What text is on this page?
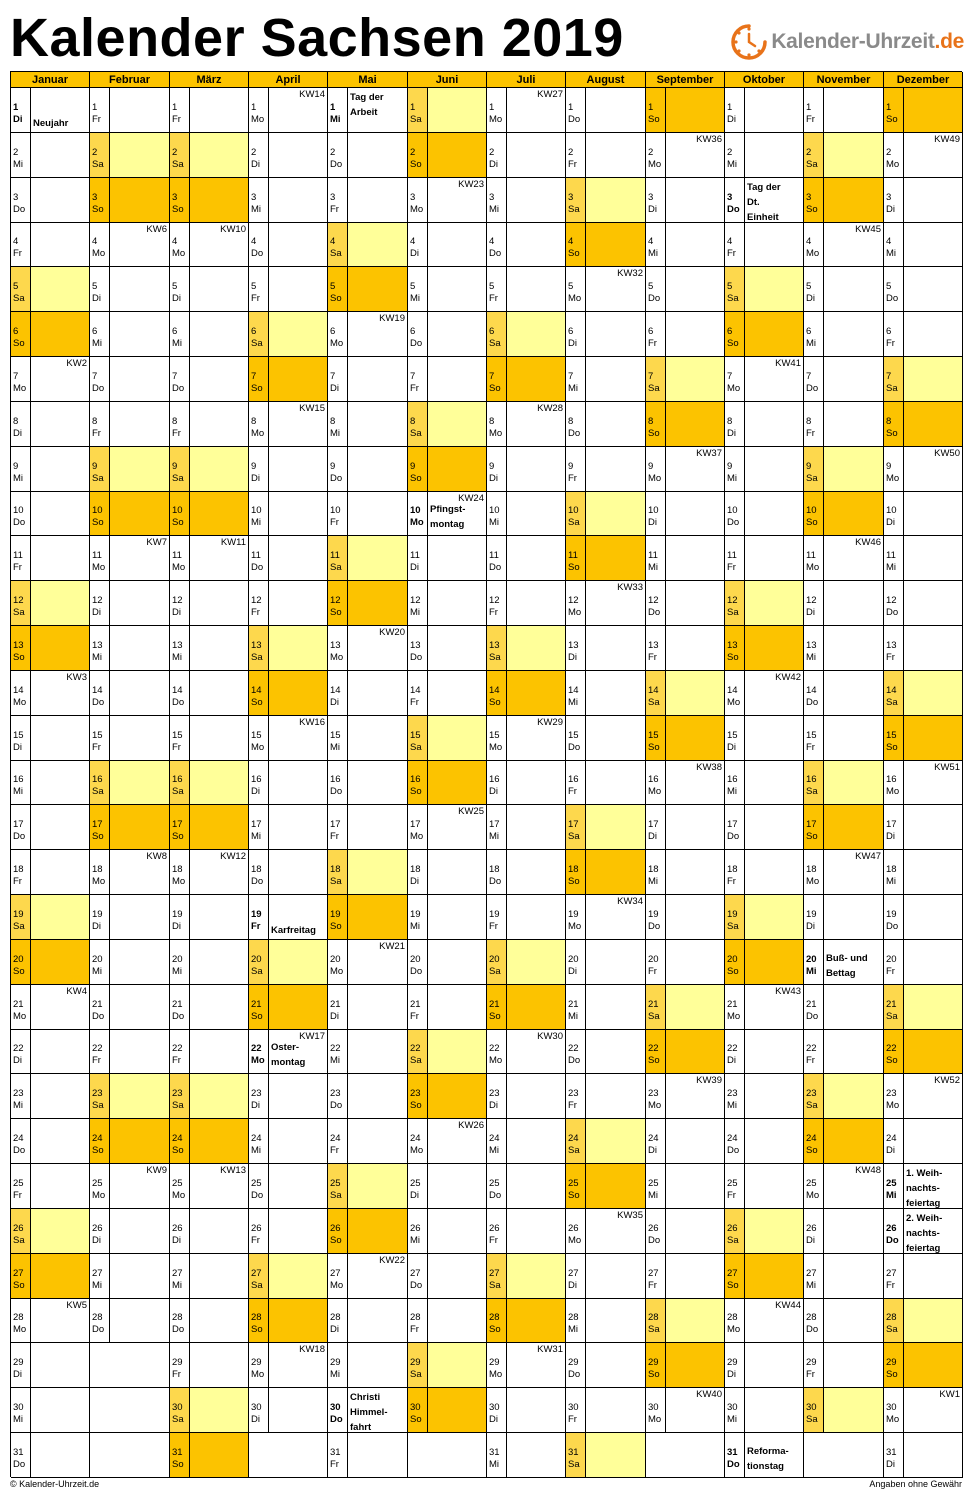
Kalender Sachsen 2019	Kalender-Uhrzeit.de
Januar
1
Di Neujahr
2
Mi
3
Do
4
Fr
5
Sa
6
So
7
Mo
KW2
8
Di
9
Mi
10
Do
11
Fr
12
Sa
13
So
14
Mo
KW3
15
Di
16
Mi
17
Do
18
Fr
19
Sa
20
So
21
Mo
KW4
22
Di
23
Mi
24
Do
25
Fr
26
Sa
27
So
28
Mo
KW5
29
Di
30
Mi
31
Do
Februar
1
Fr
2
Sa
3
So
4
Mo
KW6
5
Di
6
Mi
7
Do
8
Fr
9
Sa
10
So
11
Mo
KW7
12
Di
13
Mi
14
Do
15
Fr
16
Sa
17
So
18
Mo
KW8
19
Di
20
Mi
21
Do
22
Fr
23
Sa
24
So
25
Mo
KW9
26
Di
27
Mi
28
Do
März
1
Fr
2
Sa
3
So
4
Mo
KW10
5
Di
6
Mi
7
Do
8
Fr
9
Sa
10
So
11
Mo
KW11
12
Di
13
Mi
14
Do
15
Fr
16
Sa
17
So
18
Mo
KW12
19
Di
20
Mi
21
Do
22
Fr
23
Sa
24
So
25
Mo
KW13
26
Di
27
Mi
28
Do
29
Fr
30
Sa
31
So
April
1
Mo
KW14
2
Di
3
Mi
4
Do
5
Fr
6
Sa
7
So
8
Mo
KW15
9
Di
10
Mi
11
Do
12
Fr
13
Sa
14
So
15
Mo
KW16
16
Di
17
Mi
18
Do
19
Fr Karfreitag
20
Sa
21
So
22
Mo
KW17
Oster-
montag
23
Di
24
Mi
25
Do
26
Fr
27
Sa
28
So
29
Mo
KW18
30
Di
Mai
1
Mi
Tag der
Arbeit
2
Do
3
Fr
4
Sa
5
So
6
Mo
KW19
7
Di
8
Mi
9
Do
10
Fr
11
Sa
12
So
13
Mo
KW20
14
Di
15
Mi
16
Do
17
Fr
18
Sa
19
So
20
Mo
KW21
21
Di
22
Mi
23
Do
24
Fr
25
Sa
26
So
27
Mo
KW22
28
Di
29
Mi
30
Do
Christi
Himmel-
fahrt
31
Fr
Juni
1
Sa
2
So
3
Mo
KW23
4
Di
5
Mi
6
Do
7
Fr
8
Sa
9
So
10
Mo
KW24
Pfingst-
montag
11
Di
12
Mi
13
Do
14
Fr
15
Sa
16
So
17
Mo
KW25
18
Di
19
Mi
20
Do
21
Fr
22
Sa
23
So
24
Mo
KW26
25
Di
26
Mi
27
Do
28
Fr
29
Sa
30
So
Juli
1
Mo
KW27
2
Di
3
Mi
4
Do
5
Fr
6
Sa
7
So
8
Mo
KW28
9
Di
10
Mi
11
Do
12
Fr
13
Sa
14
So
15
Mo
KW29
16
Di
17
Mi
18
Do
19
Fr
20
Sa
21
So
22
Mo
KW30
23
Di
24
Mi
25
Do
26
Fr
27
Sa
28
So
29
Mo
KW31
30
Di
31
Mi
August
1
Do
2
Fr
3
Sa
4
So
5
Mo
KW32
6
Di
7
Mi
8
Do
9
Fr
10
Sa
11
So
12
Mo
KW33
13
Di
14
Mi
15
Do
16
Fr
17
Sa
18
So
19
Mo
KW34
20
Di
21
Mi
22
Do
23
Fr
24
Sa
25
So
26
Mo
KW35
27
Di
28
Mi
29
Do
30
Fr
31
Sa
September
1
So
2
Mo
KW36
3
Di
4
Mi
5
Do
6
Fr
7
Sa
8
So
9
Mo
KW37
10
Di
11
Mi
12
Do
13
Fr
14
Sa
15
So
16
Mo
KW38
17
Di
18
Mi
19
Do
20
Fr
21
Sa
22
So
23
Mo
KW39
24
Di
25
Mi
26
Do
27
Fr
28
Sa
29
So
30
Mo
KW40
Oktober
1
Di
2
Mi
3
Do
Tag der
Dt.
Einheit
4
Fr
5
Sa
6
So
7
Mo
KW41
8
Di
9
Mi
10
Do
11
Fr
12
Sa
13
So
14
Mo
KW42
15
Di
16
Mi
17
Do
18
Fr
19
Sa
20
So
21
Mo
KW43
22
Di
23
Mi
24
Do
25
Fr
26
Sa
27
So
28
Mo
KW44
29
Di
30
Mi
31
Do
Reforma-
tionstag
November
1
Fr
2
Sa
3
So
4
Mo
KW45
5
Di
6
Mi
7
Do
8
Fr
9
Sa
10
So
11
Mo
KW46
12
Di
13
Mi
14
Do
15
Fr
16
Sa
17
So
18
Mo
KW47
19
Di
20
Mi
Buß- und
Bettag
21
Do
22
Fr
23
Sa
24
So
25
Mo
KW48
26
Di
27
Mi
28
Do
29
Fr
30
Sa
Dezember
1
So
2
Mo
KW49
3
Di
4
Mi
5
Do
6
Fr
7
Sa
8
So
9
Mo
KW50
10
Di
11
Mi
12
Do
13
Fr
14
Sa
15
So
16
Mo
KW51
17
Di
18
Mi
19
Do
20
Fr
21
Sa
22
So
23
Mo
KW52
24
Di
25
Mi
1. Weih-
nachts-
feiertag
26
Do
2. Weih-
nachts-
feiertag
27
Fr
28
Sa
29
So
30
Mo
KW1
31
Di
© Kalender-Uhrzeit.de	Angaben ohne Gewähr
